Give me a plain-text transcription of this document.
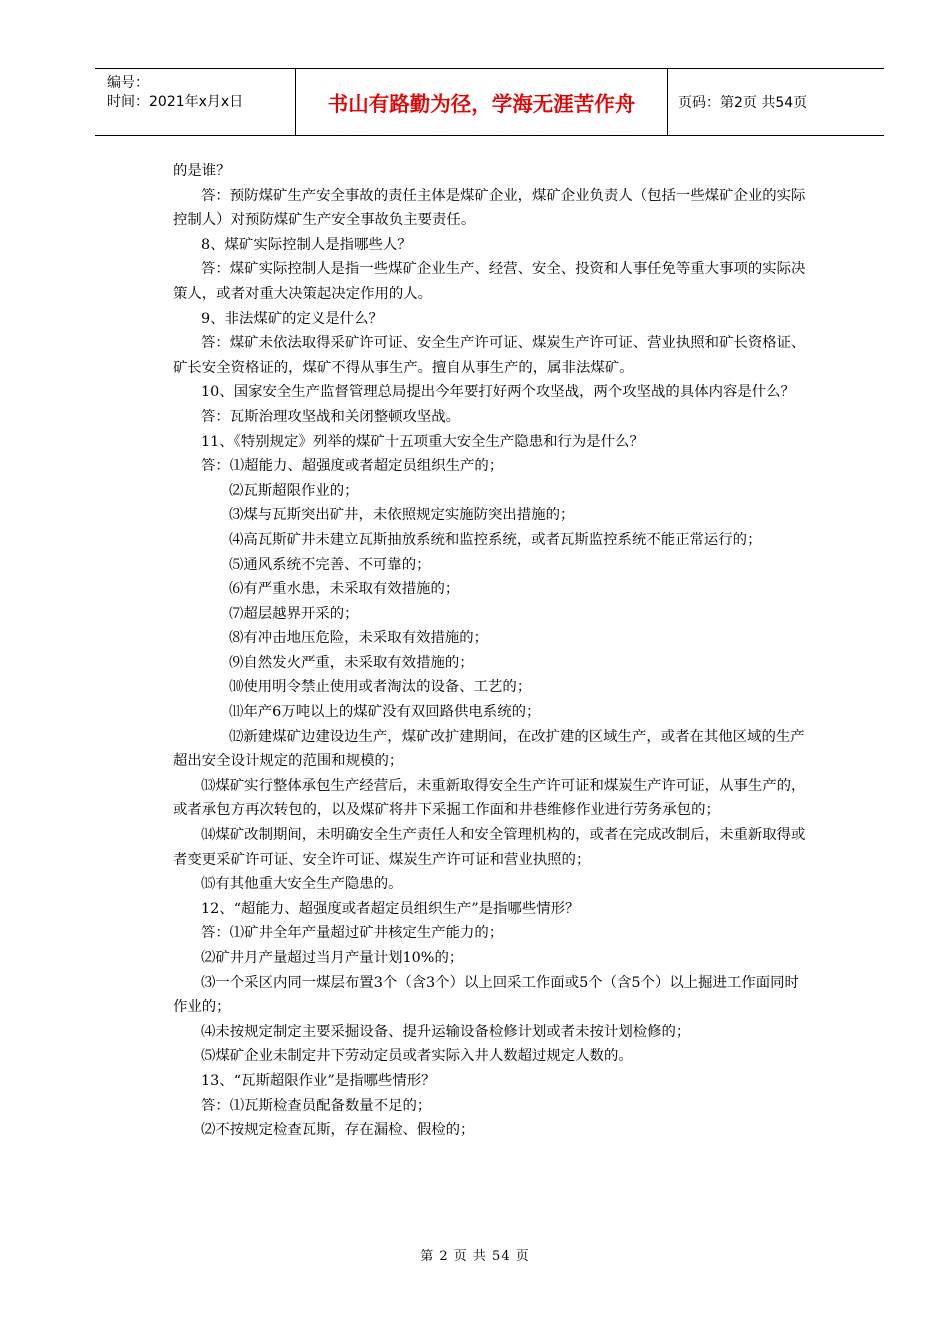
编号：
时间：2021年x月x日	书山有路勤为径，学海无涯苦作舟	页码：第2页 共54页

的是谁？

答：预防煤矿生产安全事故的责任主体是煤矿企业，煤矿企业负责人（包括一些煤矿企业的实际控制人）对预防煤矿生产安全事故负主要责任。

8、煤矿实际控制人是指哪些人？

答：煤矿实际控制人是指一些煤矿企业生产、经营、安全、投资和人事任免等重大事项的实际决策人，或者对重大决策起决定作用的人。

9、非法煤矿的定义是什么？

答：煤矿未依法取得采矿许可证、安全生产许可证、煤炭生产许可证、营业执照和矿长资格证、矿长安全资格证的，煤矿不得从事生产。擅自从事生产的，属非法煤矿。

10、国家安全生产监督管理总局提出今年要打好两个攻坚战，两个攻坚战的具体内容是什么？

答：瓦斯治理攻坚战和关闭整顿攻坚战。

11、《特别规定》列举的煤矿十五项重大安全生产隐患和行为是什么？

答：⑴超能力、超强度或者超定员组织生产的；

⑵瓦斯超限作业的；

⑶煤与瓦斯突出矿井，未依照规定实施防突出措施的；

⑷高瓦斯矿井未建立瓦斯抽放系统和监控系统，或者瓦斯监控系统不能正常运行的；

⑸通风系统不完善、不可靠的；

⑹有严重水患，未采取有效措施的；

⑺超层越界开采的；

⑻有冲击地压危险，未采取有效措施的；

⑼自然发火严重，未采取有效措施的；

⑽使用明令禁止使用或者淘汰的设备、工艺的；

⑾年产6万吨以上的煤矿没有双回路供电系统的；

⑿新建煤矿边建设边生产，煤矿改扩建期间，在改扩建的区域生产，或者在其他区域的生产超出安全设计规定的范围和规模的；

⒀煤矿实行整体承包生产经营后，未重新取得安全生产许可证和煤炭生产许可证，从事生产的，或者承包方再次转包的，以及煤矿将井下采掘工作面和井巷维修作业进行劳务承包的；

⒁煤矿改制期间，未明确安全生产责任人和安全管理机构的，或者在完成改制后，未重新取得或者变更采矿许可证、安全许可证、煤炭生产许可证和营业执照的；

⒂有其他重大安全生产隐患的。

12、“超能力、超强度或者超定员组织生产”是指哪些情形？

答：⑴矿井全年产量超过矿井核定生产能力的；

⑵矿井月产量超过当月产量计划10%的；

⑶一个采区内同一煤层布置3个（含3个）以上回采工作面或5个（含5个）以上掘进工作面同时作业的；

⑷未按规定制定主要采掘设备、提升运输设备检修计划或者未按计划检修的；

⑸煤矿企业未制定井下劳动定员或者实际入井人数超过规定人数的。

13、“瓦斯超限作业”是指哪些情形？

答：⑴瓦斯检查员配备数量不足的；

⑵不按规定检查瓦斯，存在漏检、假检的；

第 2 页 共 54 页
